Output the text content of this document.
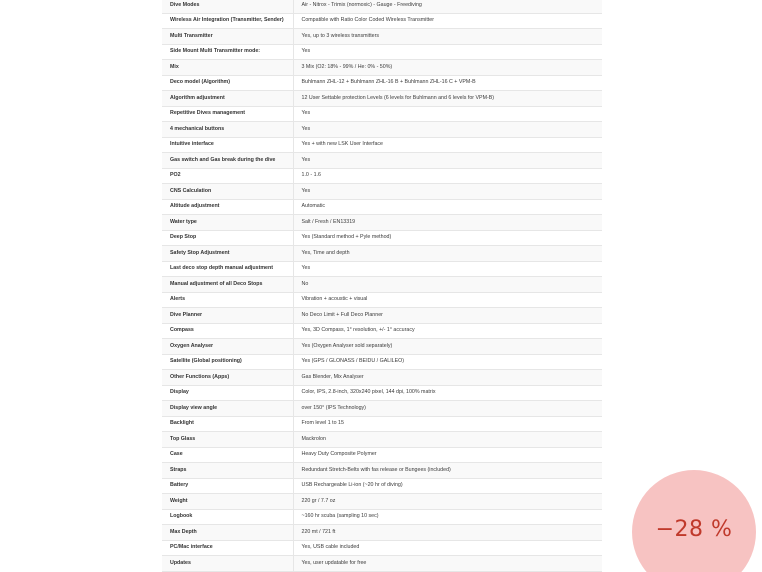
Dive Modes	Air - Nitrox - Trimix (normoxic) - Gauge - Freediving
Wireless Air Integration (Transmitter, Sender)	Compatible with Ratio Color Coded Wireless Transmitter
Multi Transmitter	Yes, up to 3 wireless transmitters
Side Mount Multi Transmitter mode:	Yes
Mix	3 Mix (O2: 18% - 99% / He: 0% - 50%)
Deco model (Algorithm)	Buhlmann ZHL-12 + Buhlmann ZHL-16 B + Buhlmann ZHL-16 C + VPM-B
Algorithm adjustment	12 User Settable protection Levels (6 levels for Buhlmann and 6 levels for VPM-B)
Repetitive Dives management	Yes
4 mechanical buttons	Yes
Intuitive interface	Yes + with new LSK User Interface
Gas switch and Gas break during the dive	Yes
PO2	1.0 - 1.6
CNS Calculation	Yes
Altitude adjustment	Automatic
Water type	Salt / Fresh / EN13319
Deep Stop	Yes (Standard method + Pyle method)
Safety Stop Adjustment	Yes, Time and depth
Last deco stop depth manual adjustment	Yes
Manual adjustment of all Deco Stops	No
Alerts	Vibration + acoustic + visual
Dive Planner	No Deco Limit + Full Deco Planner
Compass	Yes, 3D Compass, 1° resolution, +/- 1° accuracy
Oxygen Analyser	Yes (Oxygen Analyser sold separately)
Satellite (Global positioning)	Yes (GPS / GLONASS / BEIDU / GALILEO)
Other Functions (Apps)	Gas Blender, Mix Analyser
Display	Color, IPS, 2.8-inch, 320x240 pixel, 144 dpi, 100% matrix
Display view angle	over 150° (IPS Technology)
Backlight	From level 1 to 15
Top Glass	Mackrolon
Case	Heavy Duty Composite Polymer
Straps	Redundant Stretch-Belts with fas release or Bungees (included)
Battery	USB Rechargeable Li-ion (~20 hr of diving)
Weight	220 gr / 7.7 oz
Logbook	~160 hr scuba (sampling 10 sec)
Max Depth	220 mt / 721 ft
PC/Mac interface	Yes, USB cable included
Updates	Yes, user updatable for free
−28 %
